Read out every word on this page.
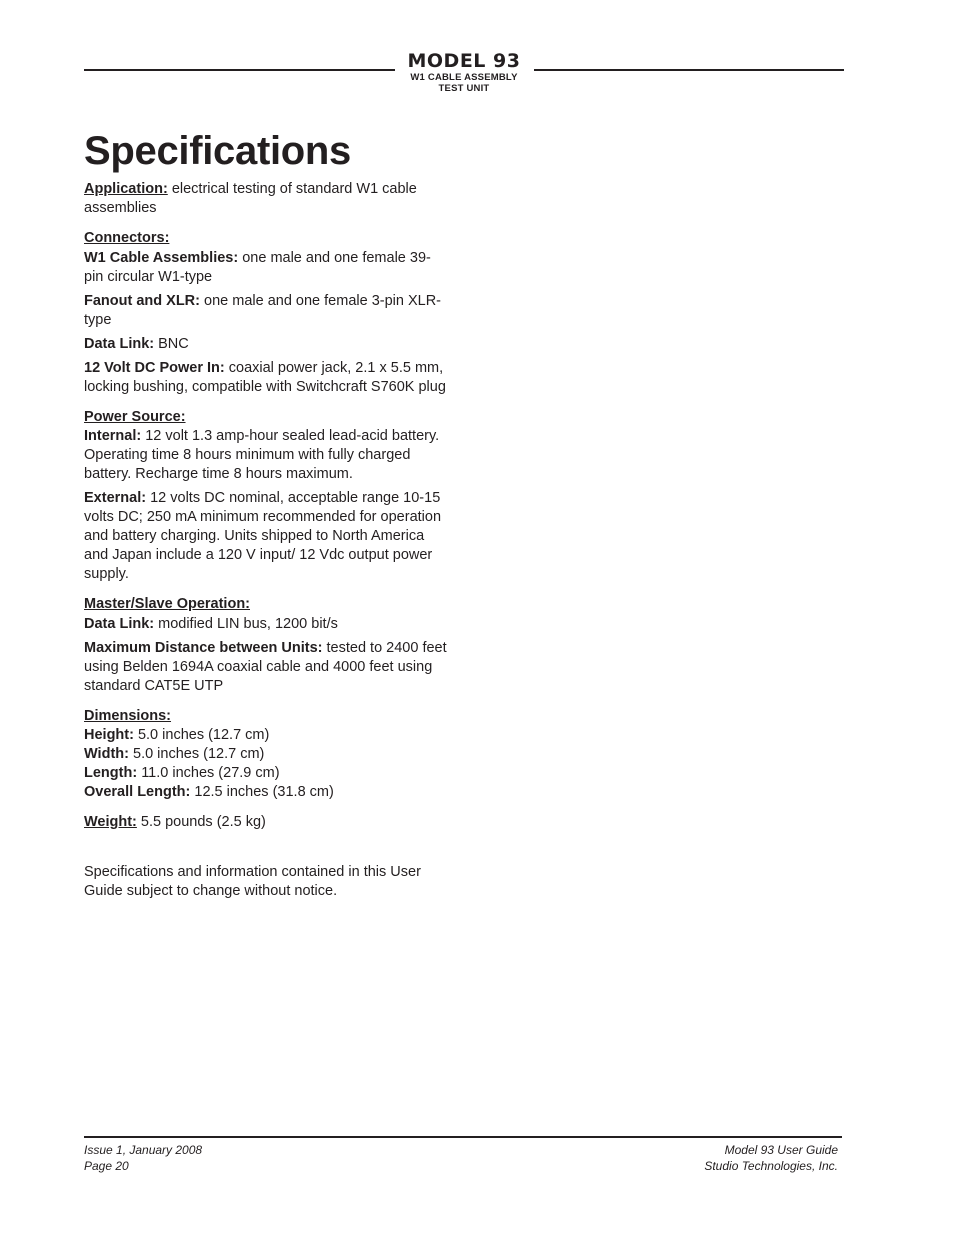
MODEL 93
W1 CABLE ASSEMBLY
TEST UNIT
Specifications

Application: electrical testing of standard W1 cable assemblies

Connectors:

W1 Cable Assemblies: one male and one female 39-pin circular W1-type

Fanout and XLR: one male and one female 3-pin XLR-type

Data Link: BNC

12 Volt DC Power In: coaxial power jack, 2.1 x 5.5 mm, locking bushing, compatible with Switchcraft S760K plug

Power Source:

Internal: 12 volt 1.3 amp-hour sealed lead-acid battery. Operating time 8 hours minimum with fully charged battery. Recharge time 8 hours maximum.

External: 12 volts DC nominal, acceptable range 10-15 volts DC; 250 mA minimum recommended for operation and battery charging. Units shipped to North America and Japan include a 120 V input/ 12 Vdc output power supply.

Master/Slave Operation:

Data Link: modified LIN bus, 1200 bit/s

Maximum Distance between Units: tested to 2400 feet using Belden 1694A coaxial cable and 4000 feet using standard CAT5E UTP

Dimensions:

Height: 5.0 inches (12.7 cm)

Width: 5.0 inches (12.7 cm)

Length: 11.0 inches (27.9 cm)

Overall Length: 12.5 inches (31.8 cm)

Weight: 5.5 pounds (2.5 kg)

Specifications and information contained in this User Guide subject to change without notice.

Issue 1, January 2008
Page 20
Model 93 User Guide
Studio Technologies, Inc.
